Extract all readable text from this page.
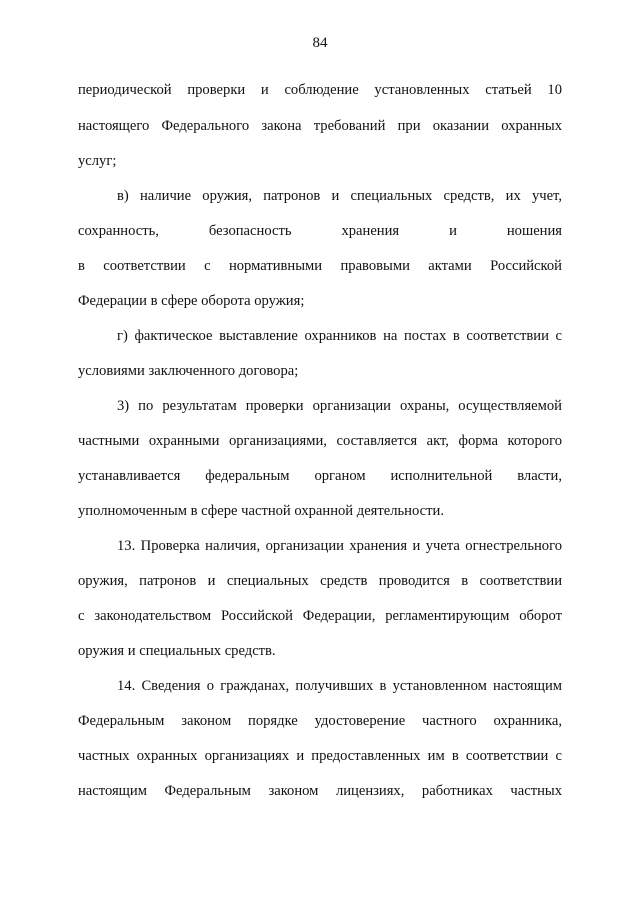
84
периодической проверки и соблюдение установленных статьей 10
настоящего Федерального закона требований при оказании охранных
услуг;
в) наличие оружия, патронов и специальных средств, их учет,
сохранность, безопасность хранения и ношения
в соответствии с нормативными правовыми актами Российской
Федерации в сфере оборота оружия;
г) фактическое выставление охранников на постах в соответствии с
условиями заключенного договора;
3) по результатам проверки организации охраны, осуществляемой
частными охранными организациями, составляется акт, форма которого
устанавливается федеральным органом исполнительной власти,
уполномоченным в сфере частной охранной деятельности.
13. Проверка наличия, организации хранения и учета огнестрельного
оружия, патронов и специальных средств проводится в соответствии
с законодательством Российской Федерации, регламентирующим оборот
оружия и специальных средств.
14. Сведения о гражданах, получивших в установленном настоящим
Федеральным законом порядке удостоверение частного охранника,
частных охранных организациях и предоставленных им в соответствии с
настоящим Федеральным законом лицензиях, работниках частных
